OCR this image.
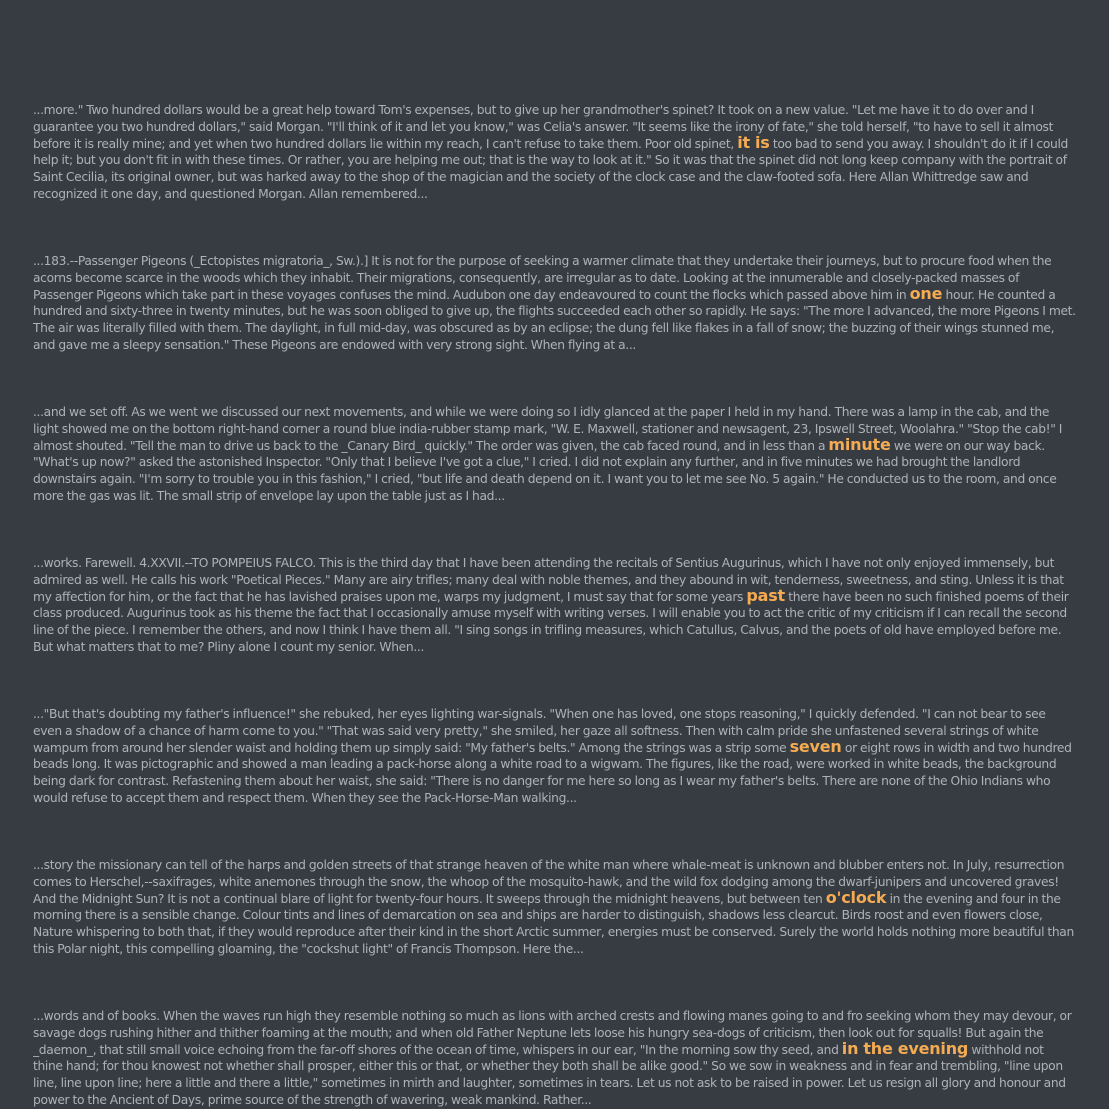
...more." Two hundred dollars would be a great help toward Tom's expenses, but to give up her grandmother's spinet? It took on a new value. "Let me have it to do over and I guarantee you two hundred dollars," said Morgan. "I'll think of it and let you know," was Celia's answer. "It seems like the irony of fate," she told herself, "to have to sell it almost before it is really mine; and yet when two hundred dollars lie within my reach, I can't refuse to take them. Poor old spinet, it is too bad to send you away. I shouldn't do it if I could help it; but you don't fit in with these times. Or rather, you are helping me out; that is the way to look at it." So it was that the spinet did not long keep company with the portrait of Saint Cecilia, its original owner, but was harked away to the shop of the magician and the society of the clock case and the claw-footed sofa. Here Allan Whittredge saw and recognized it one day, and questioned Morgan. Allan remembered...

...183.--Passenger Pigeons (_Ectopistes migratoria_, Sw.).] It is not for the purpose of seeking a warmer climate that they undertake their journeys, but to procure food when the acorns become scarce in the woods which they inhabit. Their migrations, consequently, are irregular as to date. Looking at the innumerable and closely-packed masses of Passenger Pigeons which take part in these voyages confuses the mind. Audubon one day endeavoured to count the flocks which passed above him in one hour. He counted a hundred and sixty-three in twenty minutes, but he was soon obliged to give up, the flights succeeded each other so rapidly. He says: "The more I advanced, the more Pigeons I met. The air was literally filled with them. The daylight, in full mid-day, was obscured as by an eclipse; the dung fell like flakes in a fall of snow; the buzzing of their wings stunned me, and gave me a sleepy sensation." These Pigeons are endowed with very strong sight. When flying at a...

...and we set off. As we went we discussed our next movements, and while we were doing so I idly glanced at the paper I held in my hand. There was a lamp in the cab, and the light showed me on the bottom right-hand corner a round blue india-rubber stamp mark, "W. E. Maxwell, stationer and newsagent, 23, Ipswell Street, Woolahra." "Stop the cab!" I almost shouted. "Tell the man to drive us back to the _Canary Bird_ quickly." The order was given, the cab faced round, and in less than a minute we were on our way back. "What's up now?" asked the astonished Inspector. "Only that I believe I've got a clue," I cried. I did not explain any further, and in five minutes we had brought the landlord downstairs again. "I'm sorry to trouble you in this fashion," I cried, "but life and death depend on it. I want you to let me see No. 5 again." He conducted us to the room, and once more the gas was lit. The small strip of envelope lay upon the table just as I had...

...works. Farewell. 4.XXVII.--TO POMPEIUS FALCO. This is the third day that I have been attending the recitals of Sentius Augurinus, which I have not only enjoyed immensely, but admired as well. He calls his work "Poetical Pieces." Many are airy trifles; many deal with noble themes, and they abound in wit, tenderness, sweetness, and sting. Unless it is that my affection for him, or the fact that he has lavished praises upon me, warps my judgment, I must say that for some years past there have been no such finished poems of their class produced. Augurinus took as his theme the fact that I occasionally amuse myself with writing verses. I will enable you to act the critic of my criticism if I can recall the second line of the piece. I remember the others, and now I think I have them all. "I sing songs in trifling measures, which Catullus, Calvus, and the poets of old have employed before me. But what matters that to me? Pliny alone I count my senior. When...

..."But that's doubting my father's influence!" she rebuked, her eyes lighting war-signals. "When one has loved, one stops reasoning," I quickly defended. "I can not bear to see even a shadow of a chance of harm come to you." "That was said very pretty," she smiled, her gaze all softness. Then with calm pride she unfastened several strings of white wampum from around her slender waist and holding them up simply said: "My father's belts." Among the strings was a strip some seven or eight rows in width and two hundred beads long. It was pictographic and showed a man leading a pack-horse along a white road to a wigwam. The figures, like the road, were worked in white beads, the background being dark for contrast. Refastening them about her waist, she said: "There is no danger for me here so long as I wear my father's belts. There are none of the Ohio Indians who would refuse to accept them and respect them. When they see the Pack-Horse-Man walking...

...story the missionary can tell of the harps and golden streets of that strange heaven of the white man where whale-meat is unknown and blubber enters not. In July, resurrection comes to Herschel,--saxifrages, white anemones through the snow, the whoop of the mosquito-hawk, and the wild fox dodging among the dwarf-junipers and uncovered graves! And the Midnight Sun? It is not a continual blare of light for twenty-four hours. It sweeps through the midnight heavens, but between ten o'clock in the evening and four in the morning there is a sensible change. Colour tints and lines of demarcation on sea and ships are harder to distinguish, shadows less clearcut. Birds roost and even flowers close, Nature whispering to both that, if they would reproduce after their kind in the short Arctic summer, energies must be conserved. Surely the world holds nothing more beautiful than this Polar night, this compelling gloaming, the "cockshut light" of Francis Thompson. Here the...

...words and of books. When the waves run high they resemble nothing so much as lions with arched crests and flowing manes going to and fro seeking whom they may devour, or savage dogs rushing hither and thither foaming at the mouth; and when old Father Neptune lets loose his hungry sea-dogs of criticism, then look out for squalls! But again the _daemon_, that still small voice echoing from the far-off shores of the ocean of time, whispers in our ear, "In the morning sow thy seed, and in the evening withhold not thine hand; for thou knowest not whether shall prosper, either this or that, or whether they both shall be alike good." So we sow in weakness and in fear and trembling, "line upon line, line upon line; here a little and there a little," sometimes in mirth and laughter, sometimes in tears. Let us not ask to be raised in power. Let us resign all glory and honour and power to the Ancient of Days, prime source of the strength of wavering, weak mankind. Rather...
